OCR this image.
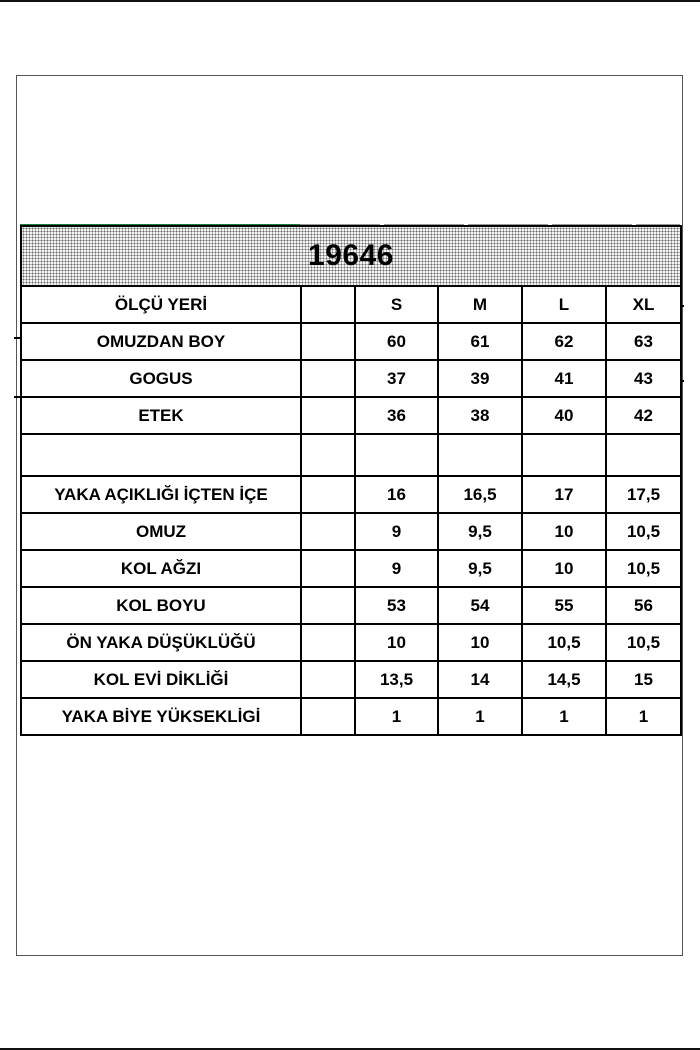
19646					
ÖLÇÜ YERİ		S	M	L	XL
OMUZDAN BOY		60	61	62	63
GOGUS		37	39	41	43
ETEK		36	38	40	42

YAKA AÇIKLIĞI İÇTEN İÇE		16	16,5	17	17,5
OMUZ		9	9,5	10	10,5
KOL AĞZI		9	9,5	10	10,5
KOL BOYU		53	54	55	56
ÖN YAKA DÜŞÜKLÜĞÜ		10	10	10,5	10,5
KOL EVİ DİKLİĞİ		13,5	14	14,5	15
YAKA BİYE YÜKSEKLİGİ		1	1	1	1
